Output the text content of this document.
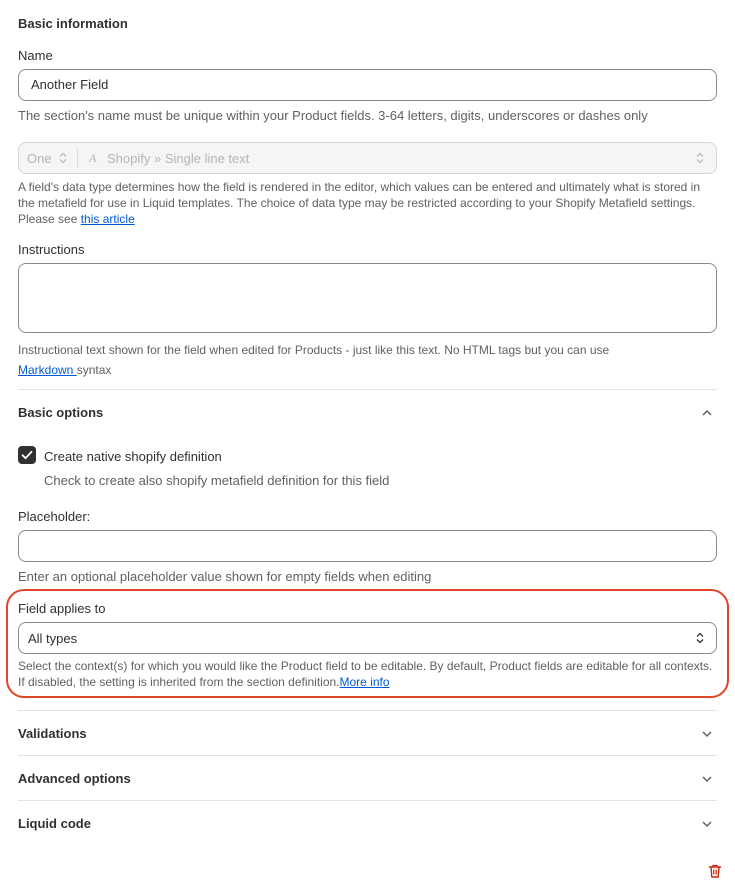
Basic information
Name
Another Field
The section's name must be unique within your Product fields. 3-64 letters, digits, underscores or dashes only
One	A Shopify » Single line text
A field's data type determines how the field is rendered in the editor, which values can be entered and ultimately what is stored in the metafield for use in Liquid templates. The choice of data type may be restricted according to your Shopify Metafield settings. Please see this article
Instructions
Instructional text shown for the field when edited for Products - just like this text. No HTML tags but you can use
Markdown syntax
Basic options
Create native shopify definition
Check to create also shopify metafield definition for this field
Placeholder:
Enter an optional placeholder value shown for empty fields when editing
Field applies to
All types
Select the context(s) for which you would like the Product field to be editable. By default, Product fields are editable for all contexts. If disabled, the setting is inherited from the section definition.More info
Validations
Advanced options
Liquid code
